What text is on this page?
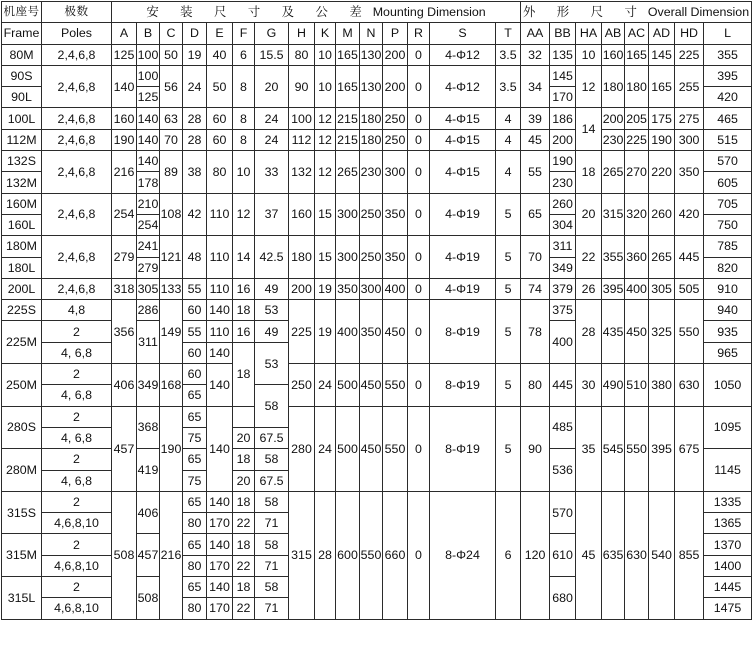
机座号	极数	安 装 尺 寸 及 公 差 Mounting Dimension															外 形 尺 寸 Overall Dimension							
Frame	Poles	A	B	C	D	E	F	G	H	K	M	N	P	R	S	T	AA	BB	HA	AB	AC	AD	HD	L
80M	2,4,6,8	125	100	50	19	40	6	15.5	80	10	165	130	200	0	4-Φ12	3.5	32	135	10	160	165	145	225	355
90S	2,4,6,8	140	100	56	24	50	8	20	90	10	165	130	200	0	4-Φ12	3.5	34	145	12	180	180	165	255	395
90L			125															170						420
100L	2,4,6,8	160	140	63	28	60	8	24	100	12	215	180	250	0	4-Φ15	4	39	186	14	200	205	175	275	465
112M	2,4,6,8	190	140	70	28	60	8	24	112	12	215	180	250	0	4-Φ15	4	45	200		230	225	190	300	515
132S	2,4,6,8	216	140	89	38	80	10	33	132	12	265	230	300	0	4-Φ15	4	55	190	18	265	270	220	350	570
132M			178															230						605
160M	2,4,6,8	254	210	108	42	110	12	37	160	15	300	250	350	0	4-Φ19	5	65	260	20	315	320	260	420	705
160L			254															304						750
180M	2,4,6,8	279	241	121	48	110	14	42.5	180	15	300	250	350	0	4-Φ19	5	70	311	22	355	360	265	445	785
180L			279															349						820
200L	2,4,6,8	318	305	133	55	110	16	49	200	19	350	300	400	0	4-Φ19	5	74	379	26	395	400	305	505	910
225S	4,8	356	286	149	60	140	18	53	225	19	400	350	450	0	8-Φ19	5	78	375	28	435	450	325	550	940
225M	2		311		55	110	16	49										400						935
	4, 6,8				60	140	18	53																965
250M	2	406	349	168	60	140			250	24	500	450	550	0	8-Φ19	5	80	445	30	490	510	380	630	1050
	4, 6,8				65			58																
280S	2	457	368	190	65	140			280	24	500	450	550	0	8-Φ19	5	90	485	35	545	550	395	675	1095
	4, 6,8				75		20	67.5																
280M	2		419		65		18	58										536						1145
	4, 6,8				75		20	67.5																
315S	2	508	406	216	65	140	18	58	315	28	600	550	660	0	8-Φ24	6	120	570	45	635	630	540	855	1335
	4,6,8,10				80	170	22	71																1365
315M	2		457		65	140	18	58										610						1370
	4,6,8,10				80	170	22	71																1400
315L	2		508		65	140	18	58										680						1445
	4,6,8,10				80	170	22	71																1475
